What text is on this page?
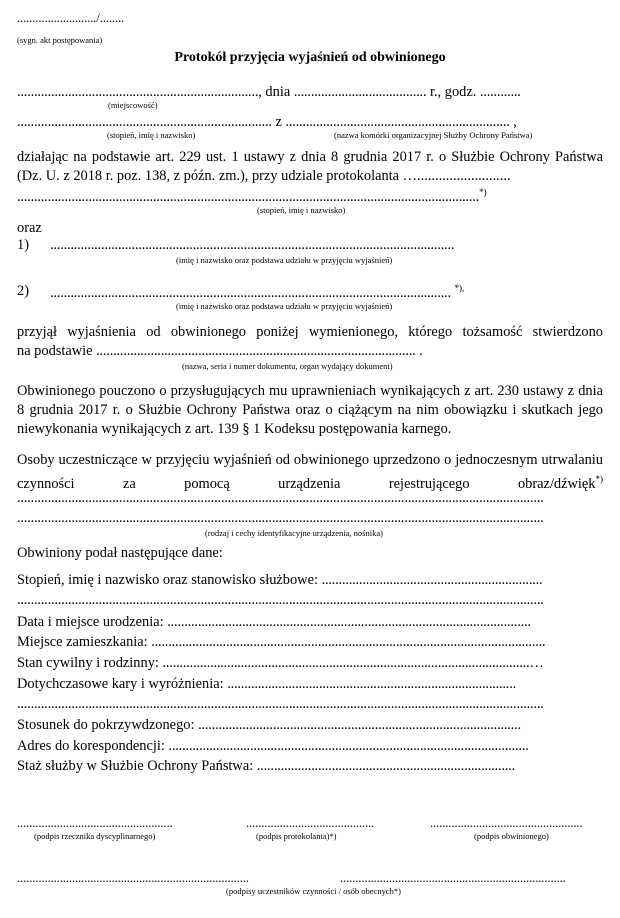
........................../........
(sygn. akt postępowania)
Protokół przyjęcia wyjaśnień od obwinionego
......................................................................., dnia ....................................... r., godz. ............
(miejscowość)
........................................................................... z .................................................................. ,
(stopień, imię i nazwisko)	(nazwa komórki organizacyjnej Służby Ochrony Państwa)
działając na podstawie art. 229 ust. 1 ustawy z dnia 8 grudnia 2017 r. o Służbie Ochrony Państwa (Dz. U. z 2018 r. poz. 138, z późn. zm.), przy udziale protokolanta …..........................
........................................................................................................................................*)
(stopień, imię i nazwisko)
oraz
1) .......................................................................................................................
(imię i nazwisko oraz podstawa udziału w przyjęciu wyjaśnień)
2) ...................................................................................................................... *),
(imię i nazwisko oraz podstawa udziału w przyjęciu wyjaśnień)
przyjął wyjaśnienia od obwinionego poniżej wymienionego, którego tożsamość stwierdzono
na podstawie .............................................................................................. .
(nazwa, seria i numer dokumentu, organ wydający dokument)
Obwinionego pouczono o przysługujących mu uprawnieniach wynikających z art. 230 ustawy z dnia 8 grudnia 2017 r. o Służbie Ochrony Państwa oraz o ciążącym na nim obowiązku i skutkach jego niewykonania wynikających z art. 139 § 1 Kodeksu postępowania karnego.
Osoby uczestniczące w przyjęciu wyjaśnień od obwinionego uprzedzono o jednoczesnym utrwalaniu czynności za pomocą urządzenia rejestrującego obraz/dźwięk*)
...........................................................................................................................................................
...........................................................................................................................................................
(rodzaj i cechy identyfikacyjne urządzenia, nośnika)
Obwiniony podał następujące dane:
Stopień, imię i nazwisko oraz stanowisko służbowe: .................................................................
...........................................................................................................................................................
Data i miejsce urodzenia: ...........................................................................................................
Miejsce zamieszkania: ....................................................................................................................
Stan cywilny i rodzinny: ............................................................................................................…
Dotychczasowe kary i wyróżnienia: .....................................................................................
...........................................................................................................................................................
Stosunek do pokrzywdzonego: ...............................................................................................
Adres do korespondencji: ..........................................................................................................
Staż służby w Służbie Ochrony Państwa: ............................................................................
...................................................
(podpis rzecznika dyscyplinarnego)
..........................................
(podpis protokolanta)*)
..................................................
(podpis obwinionego)
............................................................................	..........................................................................
(podpisy uczestników czynności / osób obecnych*)
